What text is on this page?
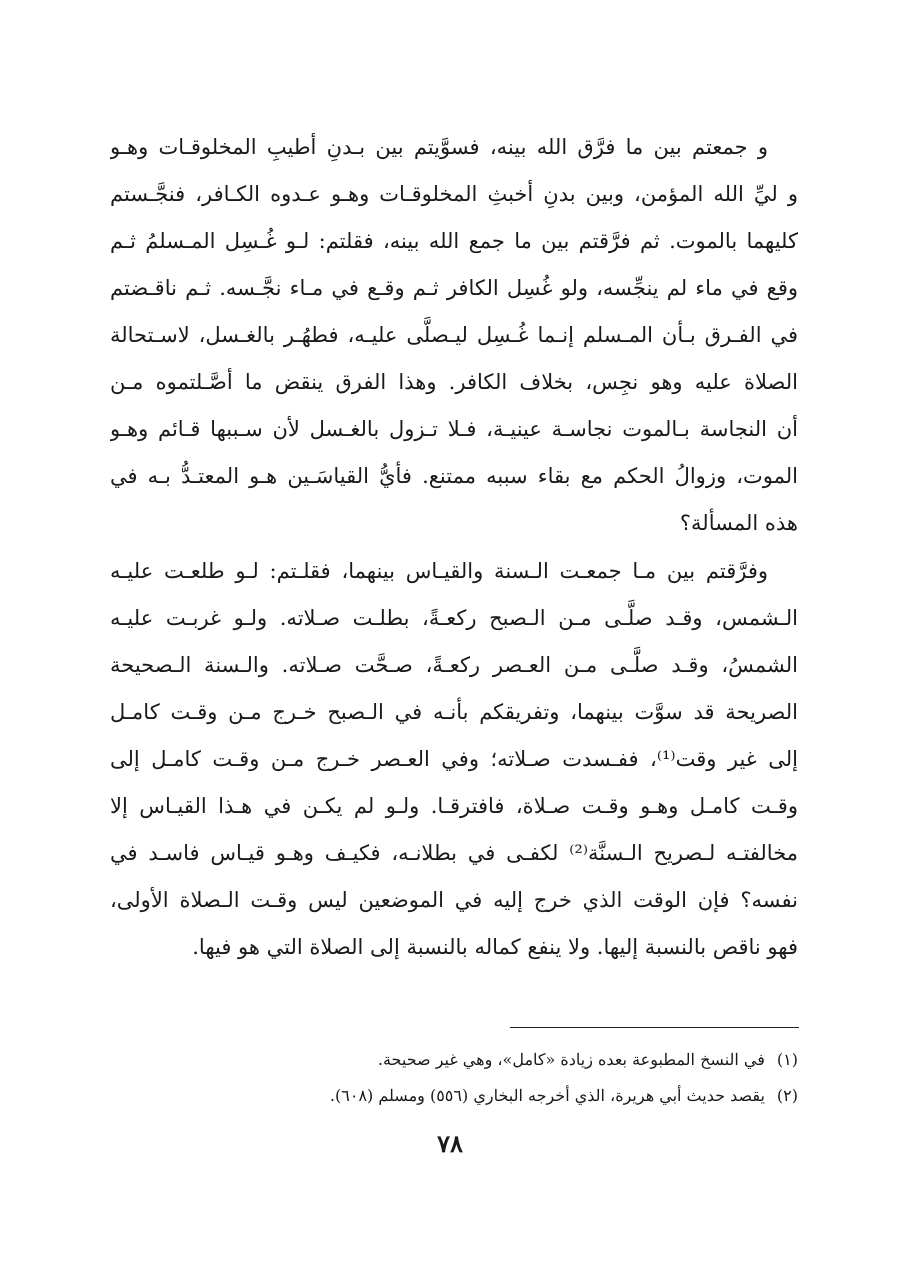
و جمعتم بين ما فرَّق الله بينه، فسوَّيتم بين بـدنِ أطيبِ المخلوقـات وهـو
و ليِّ الله المؤمن، وبين بدنِ أخبثِ المخلوقـات وهـو عـدوه الكـافر، فنجَّـستم
كليهما بالموت. ثم فرَّقتم بين ما جمع الله بينه، فقلتم: لـو غُـسِل المـسلمُ ثـم
وقع في ماء لم ينجِّسه، ولو غُسِل الكافر ثـم وقـع في مـاء نجَّـسه. ثـم ناقـضتم
في الفـرق بـأن المـسلم إنـما غُـسِل ليـصلَّى عليـه، فطهُـر بالغـسل، لاسـتحالة
الصلاة عليه وهو نجِس، بخلاف الكافر. وهذا الفرق ينقض ما أصَّـلتموه مـن
أن النجاسة بـالموت نجاسـة عينيـة، فـلا تـزول بالغـسل لأن سـببها قـائم وهـو
الموت، وزوالُ الحكم مع بقاء سببه ممتنع. فأيُّ القياسَـين هـو المعتـدُّ بـه في
هذه المسألة؟
وفرَّقتم بين مـا جمعـت الـسنة والقيـاس بينهما، فقلـتم: لـو طلعـت عليـه
الـشمس، وقـد صلَّـى مـن الـصبح ركعـةً، بطلـت صـلاته. ولـو غربـت عليـه
الشمسُ، وقـد صلَّـى مـن العـصر ركعـةً، صـحَّت صـلاته. والـسنة الـصحيحة
الصريحة قد سوَّت بينهما، وتفريقكم بأنـه في الـصبح خـرج مـن وقـت كامـل
إلى غير وقت⁽¹⁾، ففـسدت صـلاته؛ وفي العـصر خـرج مـن وقـت كامـل إلى
وقـت كامـل وهـو وقـت صـلاة، فافترقـا. ولـو لم يكـن في هـذا القيـاس إلا
مخالفتـه لـصريح الـسنَّة⁽²⁾ لكفـى في بطلانـه، فكيـف وهـو قيـاس فاسـد في
نفسه؟ فإن الوقت الذي خرج إليه في الموضعين ليس وقـت الـصلاة الأولى،
فهو ناقص بالنسبة إليها. ولا ينفع كماله بالنسبة إلى الصلاة التي هو فيها.
(١)في النسخ المطبوعة بعده زيادة «كامل»، وهي غير صحيحة.
(٢)يقصد حديث أبي هريرة، الذي أخرجه البخاري (٥٥٦) ومسلم (٦٠٨).
٧٨
